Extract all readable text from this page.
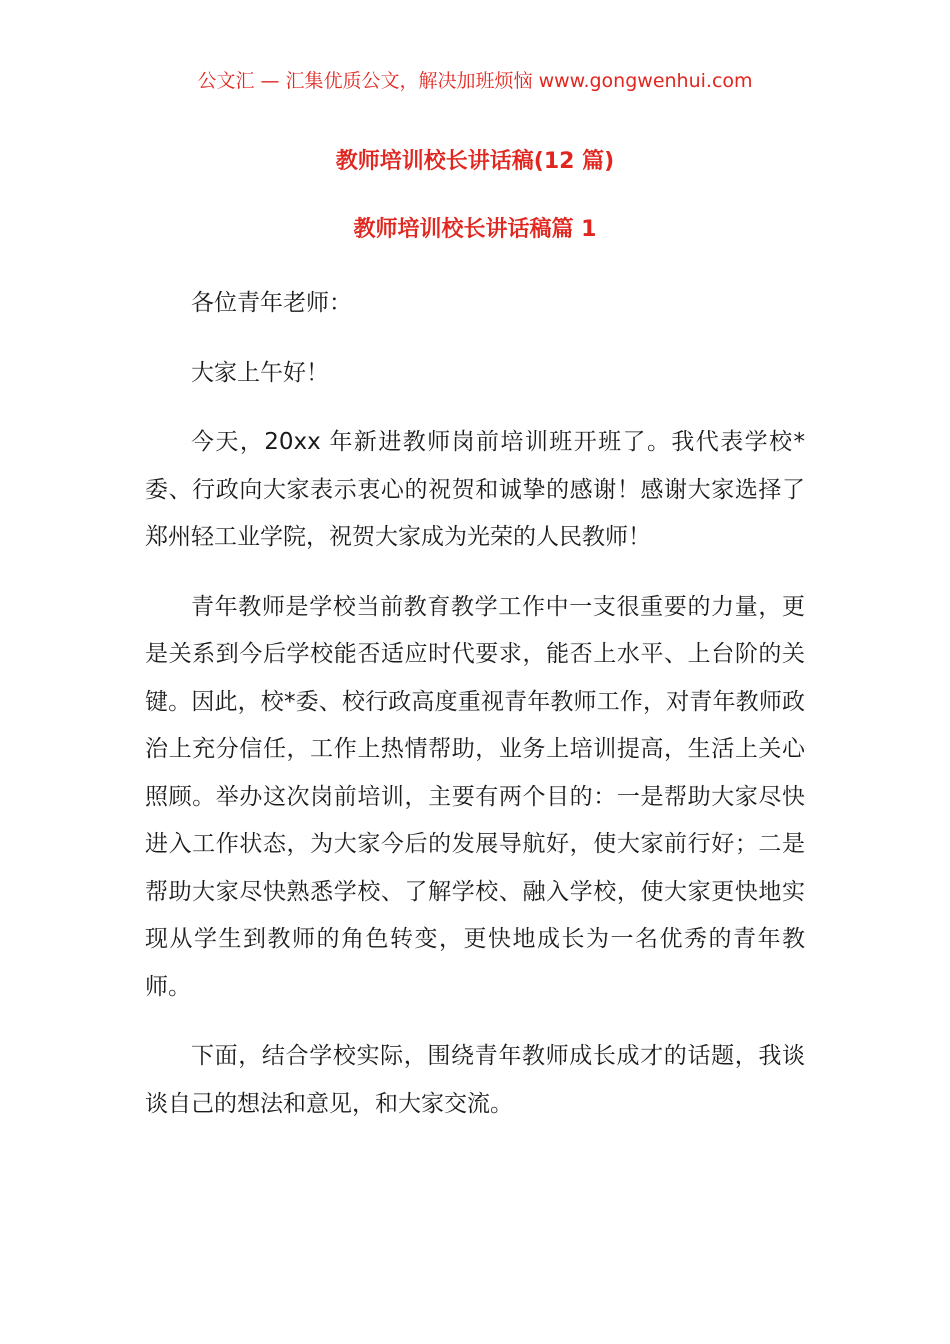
公文汇 — 汇集优质公文，解决加班烦恼 www.gongwenhui.com
教师培训校长讲话稿(12 篇)
教师培训校长讲话稿篇 1

各位青年老师：

大家上午好！

今天，20xx 年新进教师岗前培训班开班了。我代表学校*委、行政向大家表示衷心的祝贺和诚挚的感谢！感谢大家选择了郑州轻工业学院，祝贺大家成为光荣的人民教师！

青年教师是学校当前教育教学工作中一支很重要的力量，更是关系到今后学校能否适应时代要求，能否上水平、上台阶的关键。因此，校*委、校行政高度重视青年教师工作，对青年教师政治上充分信任，工作上热情帮助，业务上培训提高，生活上关心照顾。举办这次岗前培训，主要有两个目的：一是帮助大家尽快进入工作状态，为大家今后的发展导航好，使大家前行好；二是帮助大家尽快熟悉学校、了解学校、融入学校，使大家更快地实现从学生到教师的角色转变，更快地成长为一名优秀的青年教师。

下面，结合学校实际，围绕青年教师成长成才的话题，我谈谈自己的想法和意见，和大家交流。
